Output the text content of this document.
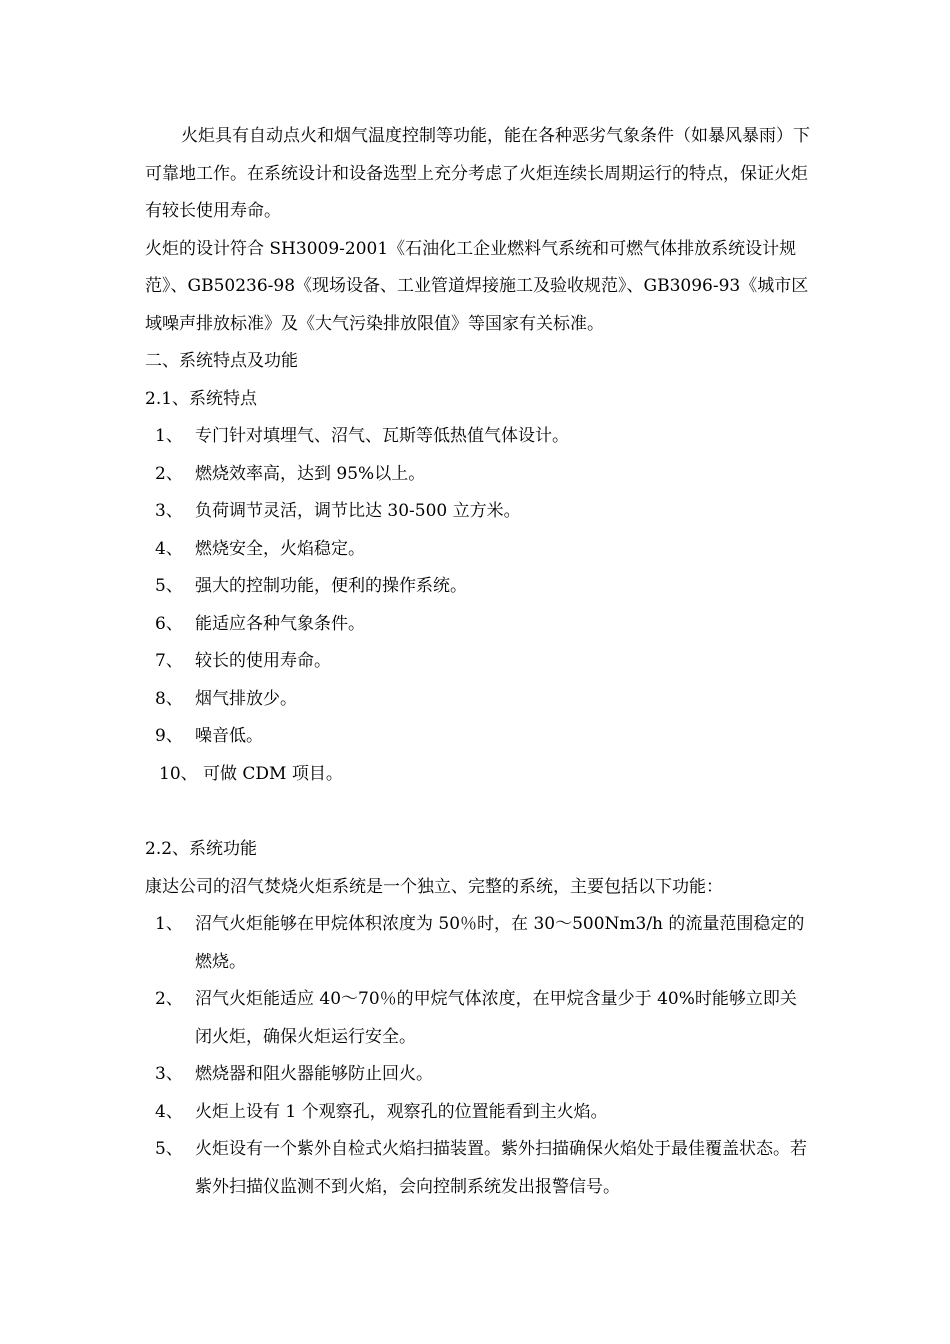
火炬具有自动点火和烟气温度控制等功能，能在各种恶劣气象条件（如暴风暴雨）下可靠地工作。在系统设计和设备选型上充分考虑了火炬连续长周期运行的特点，保证火炬有较长使用寿命。

火炬的设计符合 SH3009-2001《石油化工企业燃料气系统和可燃气体排放系统设计规范》、GB50236-98《现场设备、工业管道焊接施工及验收规范》、GB3096-93《城市区域噪声排放标准》及《大气污染排放限值》等国家有关标准。

二、系统特点及功能

2.1、系统特点

1、 专门针对填埋气、沼气、瓦斯等低热值气体设计。
2、 燃烧效率高，达到 95%以上。
3、 负荷调节灵活，调节比达 30-500 立方米。
4、 燃烧安全，火焰稳定。
5、 强大的控制功能，便利的操作系统。
6、 能适应各种气象条件。
7、 较长的使用寿命。
8、 烟气排放少。
9、 噪音低。
10、 可做 CDM 项目。

2.2、系统功能

康达公司的沼气焚烧火炬系统是一个独立、完整的系统，主要包括以下功能：

1、 沼气火炬能够在甲烷体积浓度为 50％时，在 30～500Nm3/h 的流量范围稳定的燃烧。
2、 沼气火炬能适应 40～70％的甲烷气体浓度，在甲烷含量少于 40%时能够立即关闭火炬，确保火炬运行安全。
3、 燃烧器和阻火器能够防止回火。
4、 火炬上设有 1 个观察孔，观察孔的位置能看到主火焰。
5、 火炬设有一个紫外自检式火焰扫描装置。紫外扫描确保火焰处于最佳覆盖状态。若紫外扫描仪监测不到火焰，会向控制系统发出报警信号。
